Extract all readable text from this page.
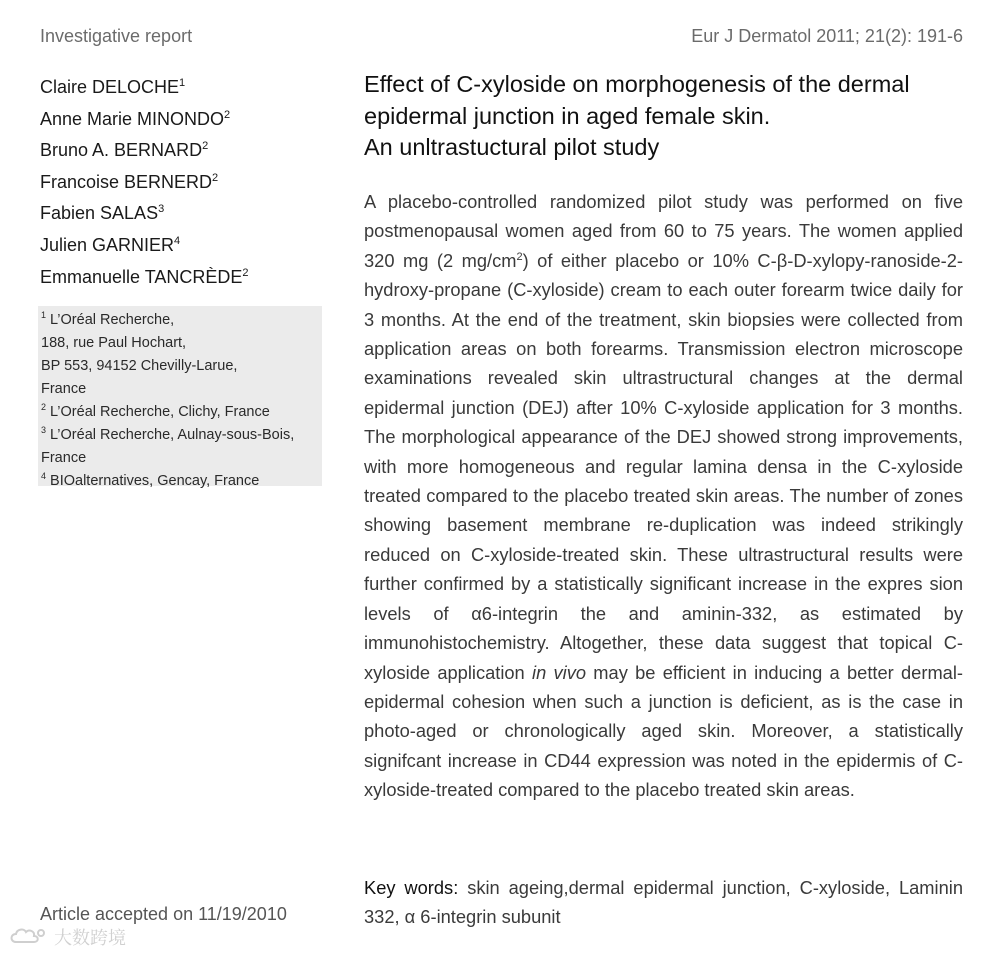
Investigative report	Eur J Dermatol 2011; 21(2): 191-6
Claire DELOCHE$^1$
Anne Marie MINONDO$^2$
Bruno A. BERNARD$^2$
Francoise BERNERD$^2$
Fabien SALAS$^3$
Julien GARNIER$^4$
Emmanuelle TANCRÈDE$^2$
$^1$ L’Oréal Recherche,
188, rue Paul Hochart,
BP 553, 94152 Chevilly-Larue,
France
$^2$ L’Oréal Recherche, Clichy, France
$^3$ L’Oréal Recherche, Aulnay-sous-Bois,
France
$^4$ BIOalternatives, Gencay, France
Article accepted on 11/19/2010
Effect of C-xyloside on morphogenesis of the dermal
epidermal junction in aged female skin.
An unltrastuctural pilot study
A placebo-controlled randomized pilot study was performed on five postmenopausal women aged from 60 to 75 years. The women applied 320 mg (2 $mg/cm^2$) of either placebo or 10% C-β-D-xylopy-ranoside-2-hydroxy-propane (C-xyloside) cream to each outer forearm twice daily for 3 months. At the end of the treatment, skin biopsies were collected from application areas on both forearms. Transmission electron microscope examinations revealed skin ultrastructural changes at the dermal epidermal junction (DEJ) after 10% C-xyloside application for 3 months. The morphological appearance of the DEJ showed strong improvements, with more homogeneous and regular lamina densa in the C-xyloside treated compared to the placebo treated skin areas. The number of zones showing basement membrane re-duplication was indeed strikingly reduced on C-xyloside-treated skin. These ultrastructural results were further confirmed by a statistically significant increase in the expres sion levels of α6-integrin the and aminin-332, as estimated by immunohistochemistry. Altogether, these data suggest that topical C-xyloside application in vivo may be efficient in inducing a better dermal-epidermal cohesion when such a junction is deficient, as is the case in photo-aged or chronologically aged skin. Moreover, a statistically signifcant increase in CD44 expression was noted in the epidermis of C-xyloside-treated compared to the placebo treated skin areas.
Key words: skin ageing,dermal epidermal junction, C-xyloside, Laminin 332, α 6-integrin subunit
大数跨境
